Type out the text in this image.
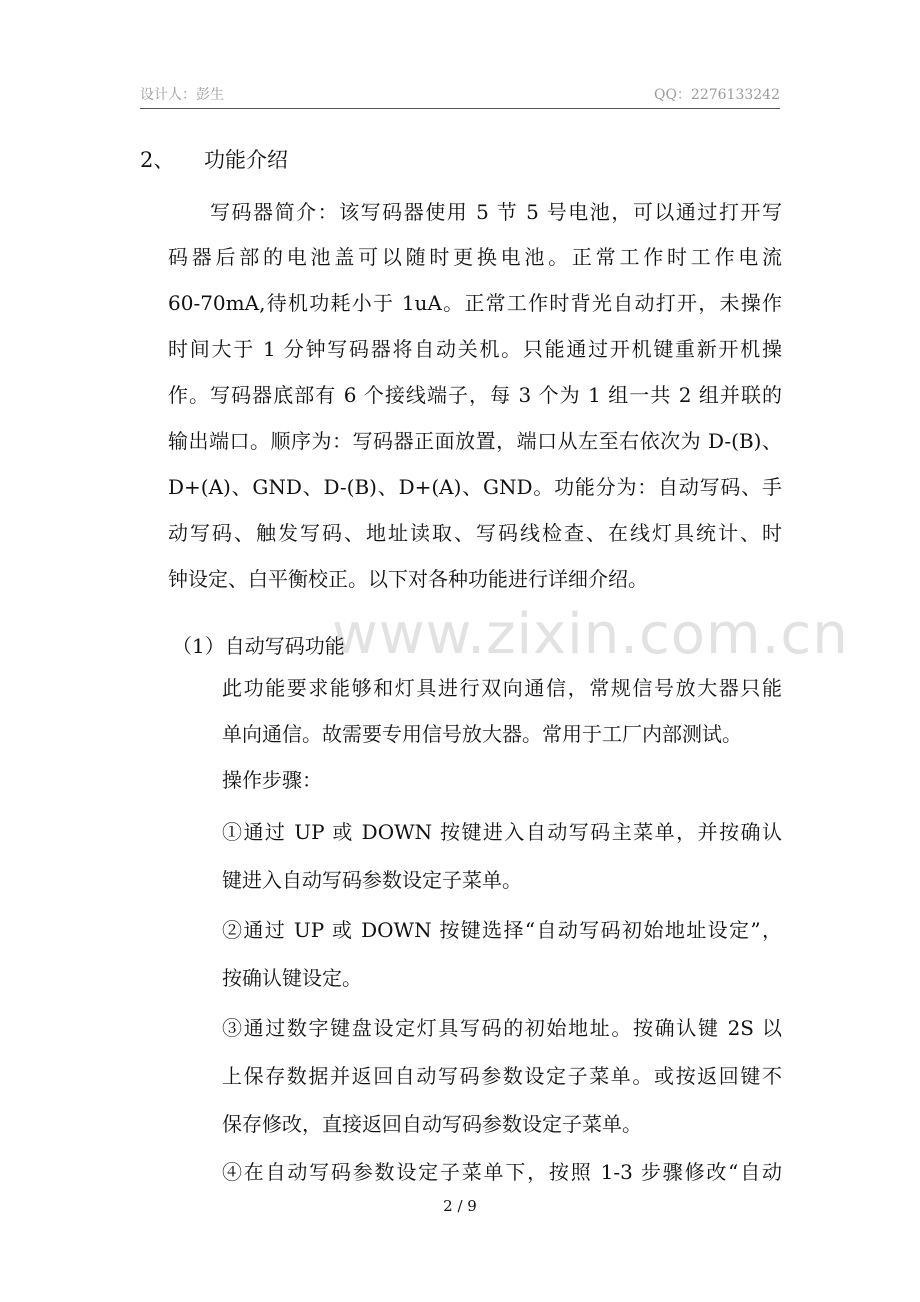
设计人：彭生	QQ：2276133242
2、 功能介绍
写码器简介：该写码器使用 5 节 5 号电池，可以通过打开写
码器后部的电池盖可以随时更换电池。正常工作时工作电流
60-70mA,待机功耗小于 1uA。正常工作时背光自动打开，未操作
时间大于 1 分钟写码器将自动关机。只能通过开机键重新开机操
作。写码器底部有 6 个接线端子，每 3 个为 1 组一共 2 组并联的
输出端口。顺序为：写码器正面放置，端口从左至右依次为 D-(B)、
D+(A)、GND、D-(B)、D+(A)、GND。功能分为：自动写码、手
动写码、触发写码、地址读取、写码线检查、在线灯具统计、时
钟设定、白平衡校正。以下对各种功能进行详细介绍。
www.zixin.com.cn
（1）自动写码功能
此功能要求能够和灯具进行双向通信，常规信号放大器只能
单向通信。故需要专用信号放大器。常用于工厂内部测试。
操作步骤：
①通过 UP 或 DOWN 按键进入自动写码主菜单，并按确认
键进入自动写码参数设定子菜单。
②通过 UP 或 DOWN 按键选择“自动写码初始地址设定”，
按确认键设定。
③通过数字键盘设定灯具写码的初始地址。按确认键 2S 以
上保存数据并返回自动写码参数设定子菜单。或按返回键不
保存修改，直接返回自动写码参数设定子菜单。
④在自动写码参数设定子菜单下，按照 1-3 步骤修改“自动
2 / 9
